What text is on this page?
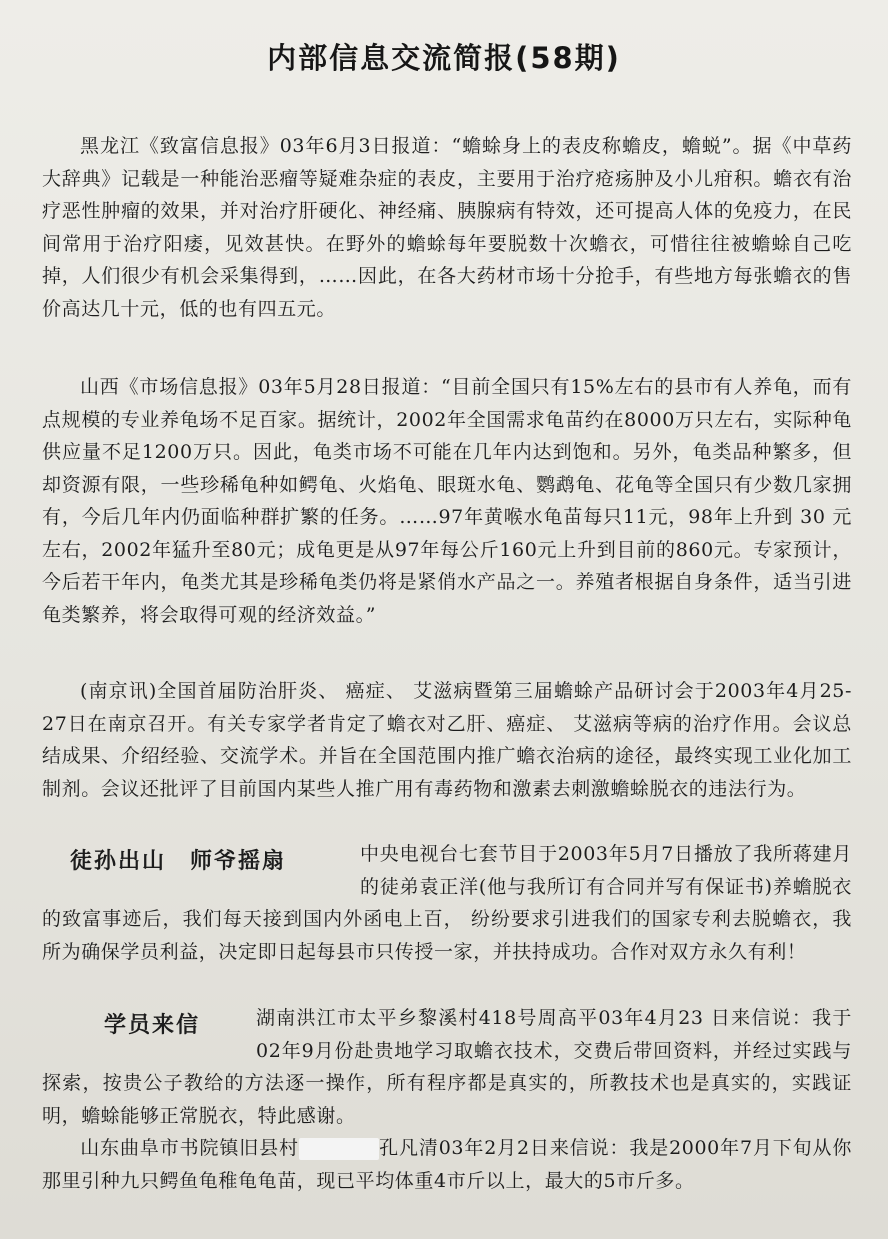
内部信息交流简报(58期)

黑龙江《致富信息报》03年6月3日报道：“蟾蜍身上的表皮称蟾皮，蟾蜕”。据《中草药大辞典》记载是一种能治恶瘤等疑难杂症的表皮，主要用于治疗疮疡肿及小儿疳积。蟾衣有治疗恶性肿瘤的效果，并对治疗肝硬化、神经痛、胰腺病有特效，还可提高人体的免疫力，在民间常用于治疗阳痿，见效甚快。在野外的蟾蜍每年要脱数十次蟾衣，可惜往往被蟾蜍自己吃掉，人们很少有机会采集得到，……因此，在各大药材市场十分抢手，有些地方每张蟾衣的售价高达几十元，低的也有四五元。

山西《市场信息报》03年5月28日报道：“目前全国只有15%左右的县市有人养龟，而有点规模的专业养龟场不足百家。据统计，2002年全国需求龟苗约在8000万只左右，实际种龟供应量不足1200万只。因此，龟类市场不可能在几年内达到饱和。另外，龟类品种繁多，但却资源有限，一些珍稀龟种如鳄龟、火焰龟、眼斑水龟、鹦鹉龟、花龟等全国只有少数几家拥有，今后几年内仍面临种群扩繁的任务。……97年黄喉水龟苗每只11元，98年上升到 30 元左右，2002年猛升至80元；成龟更是从97年每公斤160元上升到目前的860元。专家预计，今后若干年内，龟类尤其是珍稀龟类仍将是紧俏水产品之一。养殖者根据自身条件，适当引进龟类繁养，将会取得可观的经济效益。”

(南京讯)全国首届防治肝炎、 癌症、 艾滋病暨第三届蟾蜍产品研讨会于2003年4月25-27日在南京召开。有关专家学者肯定了蟾衣对乙肝、癌症、 艾滋病等病的治疗作用。会议总结成果、介绍经验、交流学术。并旨在全国范围内推广蟾衣治病的途径，最终实现工业化加工制剂。会议还批评了目前国内某些人推广用有毒药物和激素去刺激蟾蜍脱衣的违法行为。

徒孙出山　师爷摇扇	中央电视台七套节目于2003年5月7日播放了我所蒋建月的徒弟袁正洋(他与我所订有合同并写有保证书)养蟾脱衣的致富事迹后，我们每天接到国内外函电上百， 纷纷要求引进我们的国家专利去脱蟾衣，我所为确保学员利益，决定即日起每县市只传授一家，并扶持成功。合作对双方永久有利！

学员来信	湖南洪江市太平乡黎溪村418号周高平03年4月23 日来信说：我于02年9月份赴贵地学习取蟾衣技术，交费后带回资料，并经过实践与探索，按贵公子教给的方法逐一操作，所有程序都是真实的，所教技术也是真实的，实践证明，蟾蜍能够正常脱衣，特此感谢。

山东曲阜市书院镇旧县村	孔凡清03年2月2日来信说：我是2000年7月下旬从你那里引种九只鳄鱼龟稚龟龟苗，现已平均体重4市斤以上，最大的5市斤多。
